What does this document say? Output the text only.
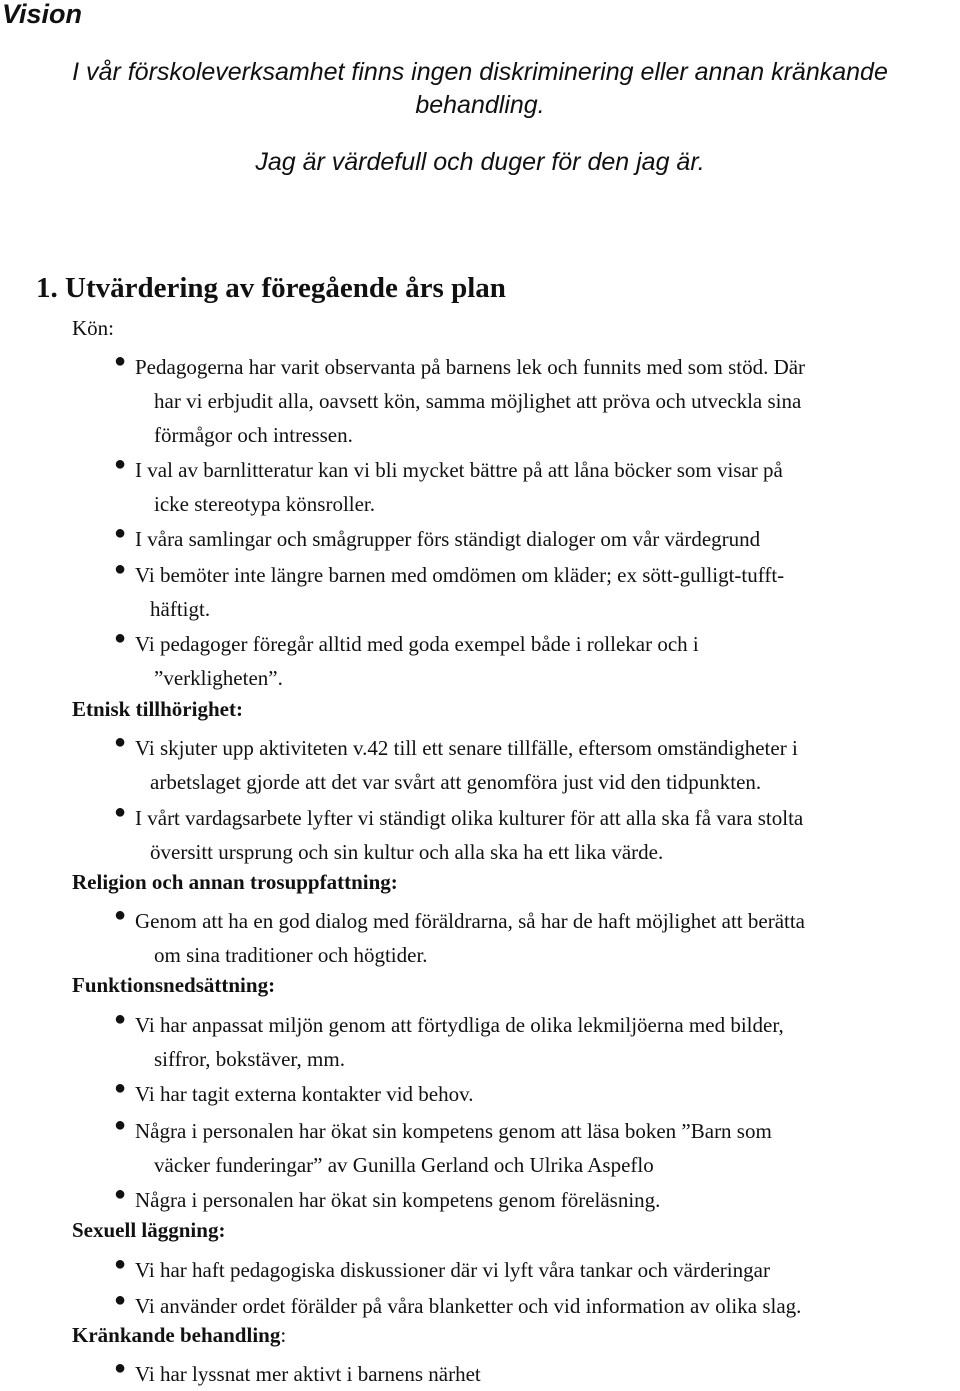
Vision
I vår förskoleverksamhet finns ingen diskriminering eller annan kränkande
behandling.
Jag är värdefull och duger för den jag är.
1. Utvärdering av föregående års plan
Kön:
● Pedagogerna har varit observanta på barnens lek och funnits med som stöd. Där
har vi erbjudit alla, oavsett kön, samma möjlighet att pröva och utveckla sina
förmågor och intressen.
● I val av barnlitteratur kan vi bli mycket bättre på att låna böcker som visar på
icke stereotypa könsroller.
● I våra samlingar och smågrupper förs ständigt dialoger om vår värdegrund
● Vi bemöter inte längre barnen med omdömen om kläder; ex sött-gulligt-tufft-
häftigt.
● Vi pedagoger föregår alltid med goda exempel både i rollekar och i
”verkligheten”.
Etnisk tillhörighet:
● Vi skjuter upp aktiviteten v.42 till ett senare tillfälle, eftersom omständigheter i
arbetslaget gjorde att det var svårt att genomföra just vid den tidpunkten.
● I vårt vardagsarbete lyfter vi ständigt olika kulturer för att alla ska få vara stolta
översitt ursprung och sin kultur och alla ska ha ett lika värde.
Religion och annan trosuppfattning:
● Genom att ha en god dialog med föräldrarna, så har de haft möjlighet att berätta
om sina traditioner och högtider.
Funktionsnedsättning:
● Vi har anpassat miljön genom att förtydliga de olika lekmiljöerna med bilder,
siffror, bokstäver, mm.
● Vi har tagit externa kontakter vid behov.
● Några i personalen har ökat sin kompetens genom att läsa boken ”Barn som
väcker funderingar” av Gunilla Gerland och Ulrika Aspeflo
● Några i personalen har ökat sin kompetens genom föreläsning.
Sexuell läggning:
● Vi har haft pedagogiska diskussioner där vi lyft våra tankar och värderingar
● Vi använder ordet förälder på våra blanketter och vid information av olika slag.
Kränkande behandling:
● Vi har lyssnat mer aktivt i barnens närhet
